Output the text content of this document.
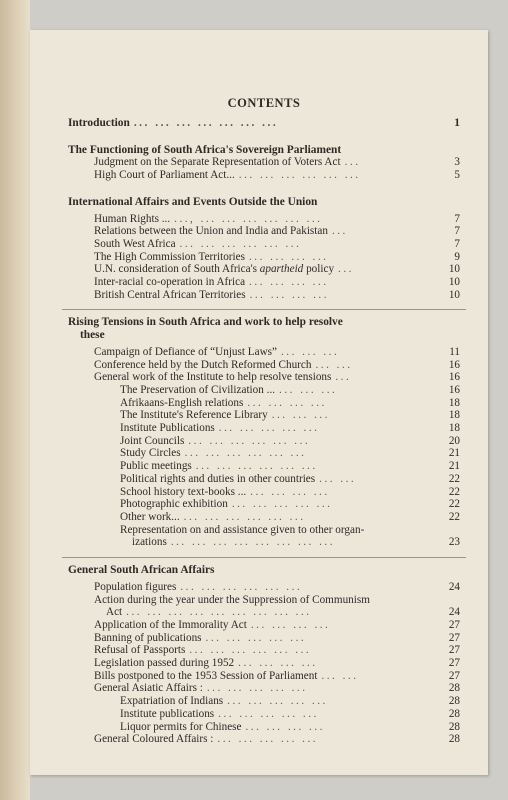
CONTENTS
Introduction ... ... ... ... ... ... ...	1
The Functioning of South Africa's Sovereign Parliament
Judgment on the Separate Representation of Voters Act ...	3
High Court of Parliament Act... ... ... ... ... ... ...	5
International Affairs and Events Outside the Union
Human Rights ... ..., ... ... ... ... ... ...	7
Relations between the Union and India and Pakistan ...	7
South West Africa ... ... ... ... ... ...	7
The High Commission Territories ... ... ... ...	9
U.N. consideration of South Africa's apartheid policy ...	10
Inter-racial co-operation in Africa ... ... ... ...	10
British Central African Territories ... ... ... ...	10
Rising Tensions in South Africa and work to help resolve
these
Campaign of Defiance of “Unjust Laws” ... ... ...	11
Conference held by the Dutch Reformed Church ... ...	16
General work of the Institute to help resolve tensions ...	16
The Preservation of Civilization ... ... ... ...	16
Afrikaans-English relations ... ... ... ...	18
The Institute's Reference Library ... ... ...	18
Institute Publications ... ... ... ... ...	18
Joint Councils ... ... ... ... ... ...	20
Study Circles ... ... ... ... ... ...	21
Public meetings ... ... ... ... ... ...	21
Political rights and duties in other countries ... ...	22
School history text-books ... ... ... ... ...	22
Photographic exhibition ... ... ... ... ...	22
Other work... ... ... ... ... ... ...	22
Representation on and assistance given to other organ-
izations ... ... ... ... ... ... ... ...	23
General South African Affairs
Population figures ... ... ... ... ... ...	24
Action during the year under the Suppression of Communism
Act ... ... ... ... ... ... ... ... ...	24
Application of the Immorality Act ... ... ... ...	27
Banning of publications ... ... ... ... ...	27
Refusal of Passports ... ... ... ... ... ...	27
Legislation passed during 1952 ... ... ... ...	27
Bills postponed to the 1953 Session of Parliament ... ...	27
General Asiatic Affairs : ... ... ... ... ...	28
Expatriation of Indians ... ... ... ... ...	28
Institute publications ... ... ... ... ...	28
Liquor permits for Chinese ... ... ... ...	28
General Coloured Affairs : ... ... ... ... ...	28
